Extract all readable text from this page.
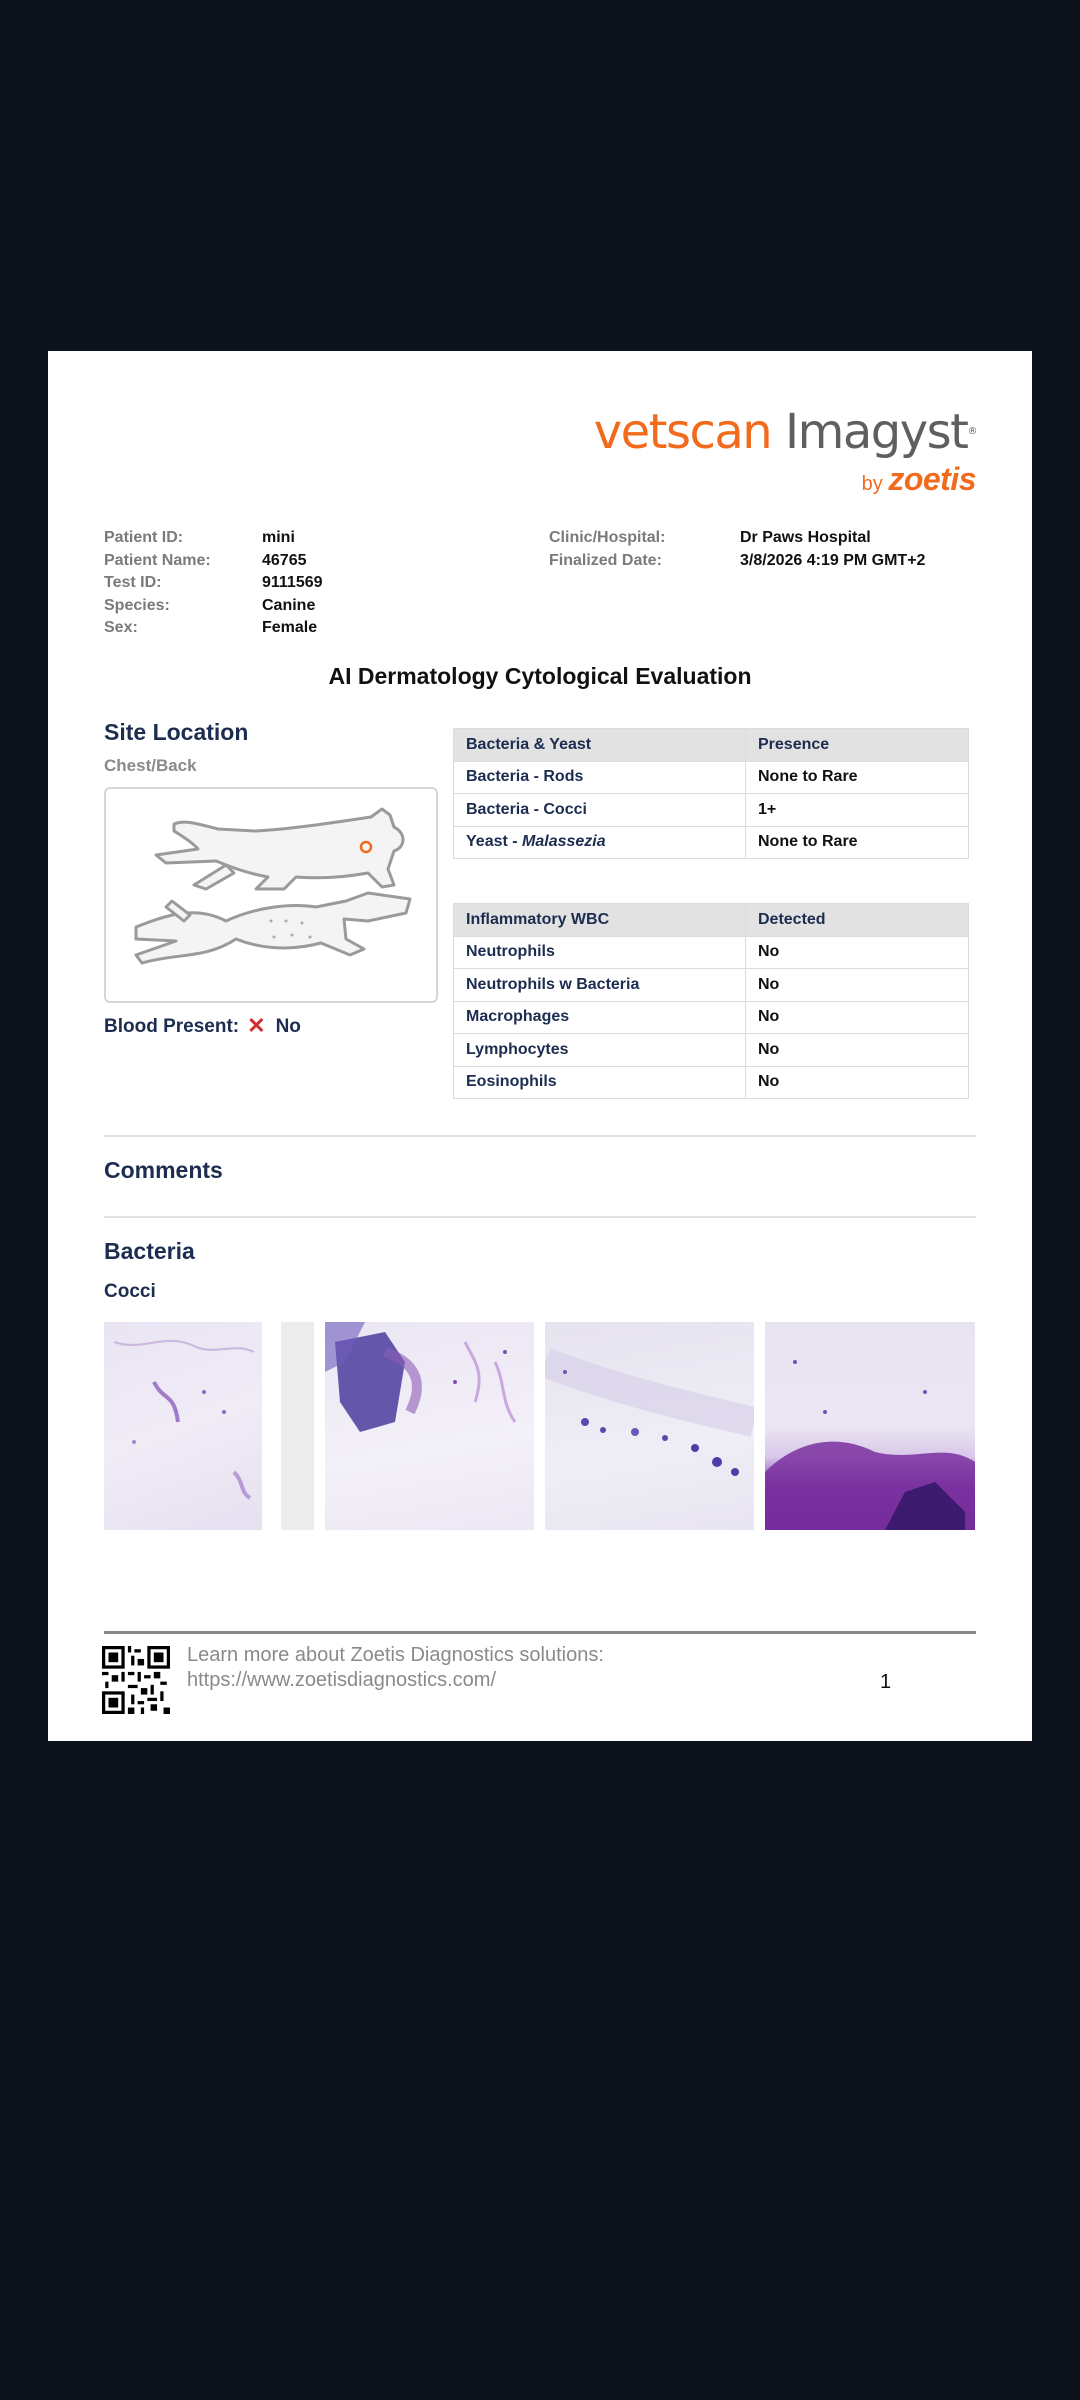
vetscan Imagyst®
by zoetis
Patient ID:	mini
Patient Name:	46765
Test ID:	9111569
Species:	Canine
Sex:	Female
Clinic/Hospital:	Dr Paws Hospital
Finalized Date:	3/8/2026 4:19 PM GMT+2
AI Dermatology Cytological Evaluation
Site Location
Chest/Back
Blood Present: ✕ No
Bacteria & Yeast	Presence
Bacteria - Rods	None to Rare
Bacteria - Cocci	1+
Yeast - Malassezia	None to Rare
Inflammatory WBC	Detected
Neutrophils	No
Neutrophils w Bacteria	No
Macrophages	No
Lymphocytes	No
Eosinophils	No
Comments
Bacteria
Cocci
Learn more about Zoetis Diagnostics solutions:
https://www.zoetisdiagnostics.com/	1
